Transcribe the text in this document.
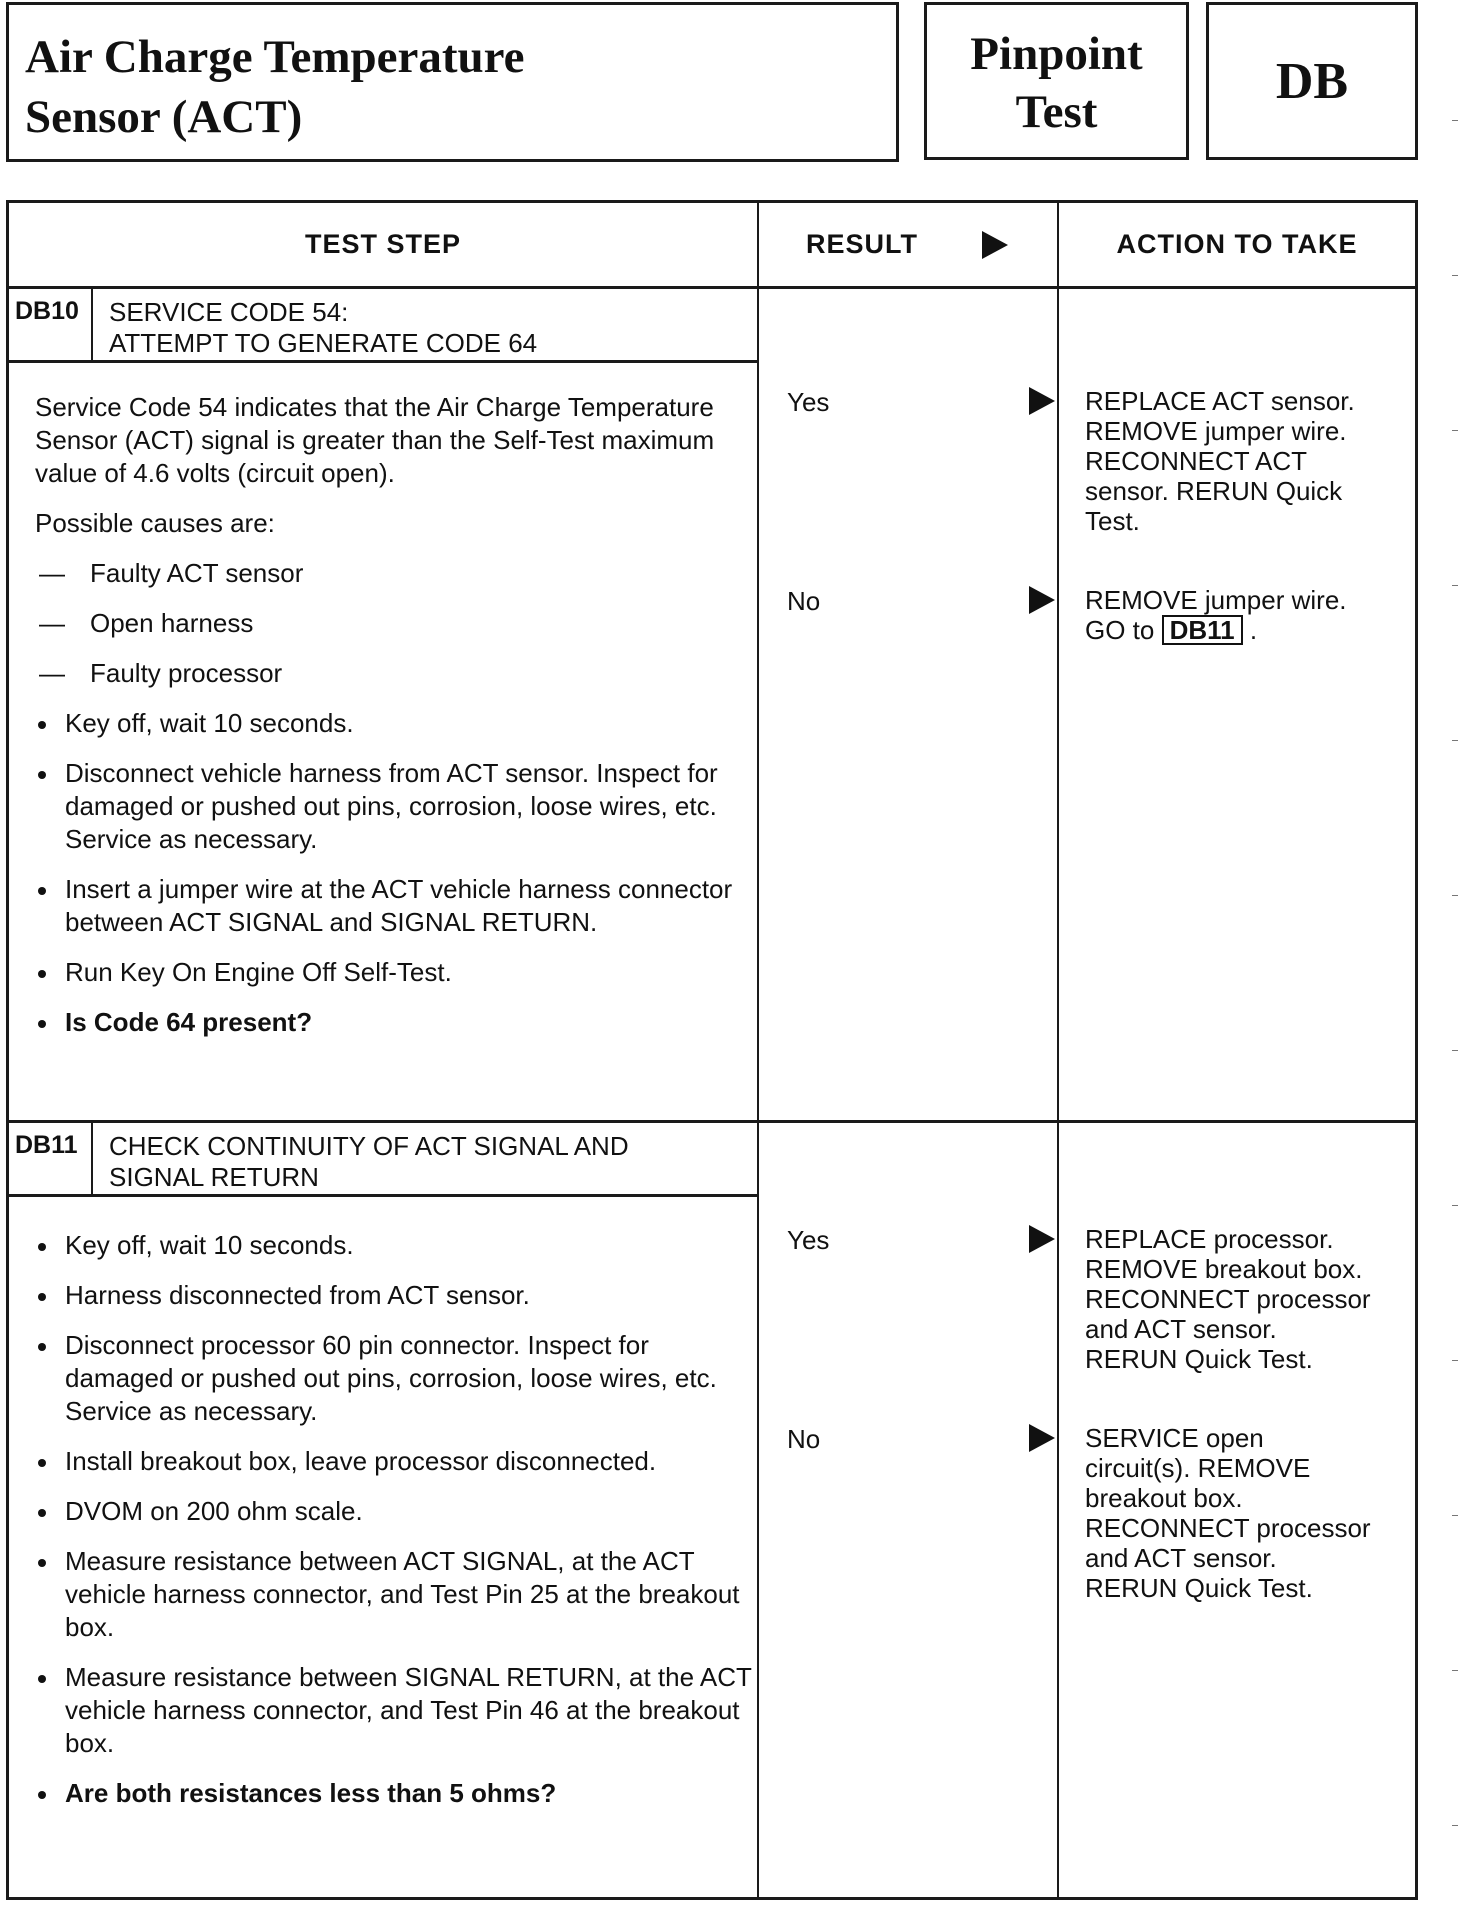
Air Charge Temperature
Sensor (ACT)
Pinpoint
Test
DB
TEST STEP	RESULT	ACTION TO TAKE
DB10	SERVICE CODE 54:
ATTEMPT TO GENERATE CODE 64

Service Code 54 indicates that the Air Charge Temperature Sensor (ACT) signal is greater than the Self-Test maximum value of 4.6 volts (circuit open).

Possible causes are:

— Faulty ACT sensor
— Open harness
— Faulty processor
Key off, wait 10 seconds.
Disconnect vehicle harness from ACT sensor. Inspect for damaged or pushed out pins, corrosion, loose wires, etc. Service as necessary.
Insert a jumper wire at the ACT vehicle harness connector between ACT SIGNAL and SIGNAL RETURN.
Run Key On Engine Off Self-Test.
Is Code 64 present?
Yes	REPLACE ACT sensor.
REMOVE jumper wire.
RECONNECT ACT
sensor. RERUN Quick
Test.
No	REMOVE jumper wire.
GO to DB11 .
DB11	CHECK CONTINUITY OF ACT SIGNAL AND
SIGNAL RETURN
Key off, wait 10 seconds.
Harness disconnected from ACT sensor.
Disconnect processor 60 pin connector. Inspect for damaged or pushed out pins, corrosion, loose wires, etc. Service as necessary.
Install breakout box, leave processor disconnected.
DVOM on 200 ohm scale.
Measure resistance between ACT SIGNAL, at the ACT vehicle harness connector, and Test Pin 25 at the breakout box.
Measure resistance between SIGNAL RETURN, at the ACT vehicle harness connector, and Test Pin 46 at the breakout box.
Are both resistances less than 5 ohms?
Yes	REPLACE processor.
REMOVE breakout box.
RECONNECT processor
and ACT sensor.
RERUN Quick Test.
No	SERVICE open
circuit(s). REMOVE
breakout box.
RECONNECT processor
and ACT sensor.
RERUN Quick Test.
